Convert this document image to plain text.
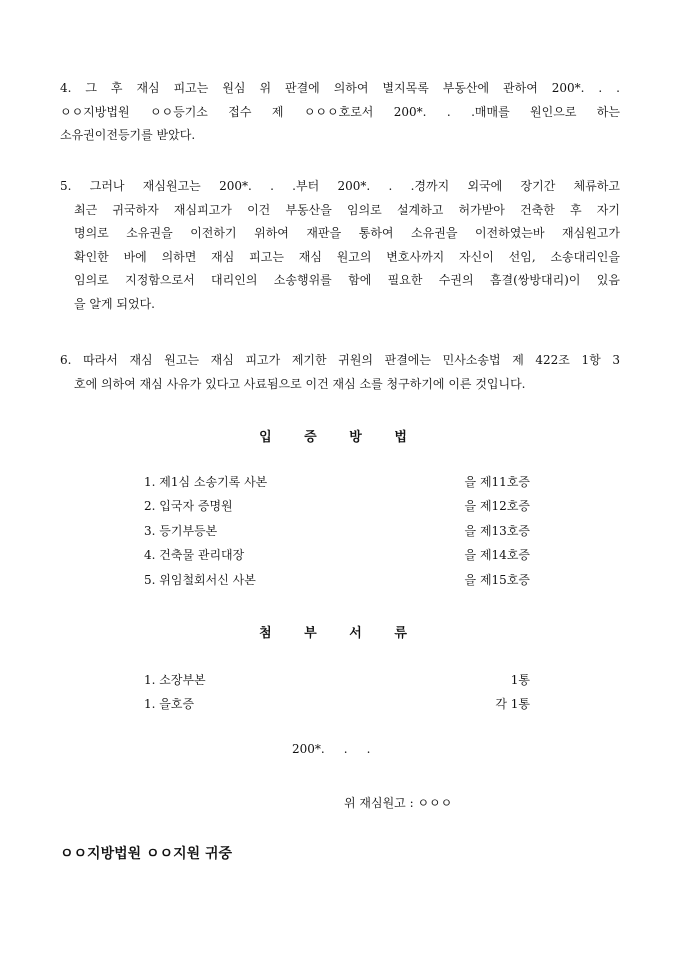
4. 그 후 재심 피고는 원심 위 판결에 의하여 별지목록 부동산에 관하여 200*. . .
ㅇㅇ지방법원 ㅇㅇ등기소 접수 제 ㅇㅇㅇ호로서 200*. . .매매를 원인으로 하는
소유권이전등기를 받았다.
5. 그러나 재심원고는 200*. . .부터 200*. . .경까지 외국에 장기간 체류하고
최근 귀국하자 재심피고가 이건 부동산을 임의로 설계하고 허가받아 건축한 후 자기
명의로 소유권을 이전하기 위하여 재판을 통하여 소유권을 이전하였는바 재심원고가
확인한 바에 의하면 재심 피고는 재심 원고의 변호사까지 자신이 선임, 소송대리인을
임의로 지정함으로서 대리인의 소송행위를 함에 필요한 수권의 흠결(쌍방대리)이 있음
을 알게 되었다.
6. 따라서 재심 원고는 재심 피고가 제기한 귀원의 판결에는 민사소송법 제 422조 1항 3
호에 의하여 재심 사유가 있다고 사료됨으로 이건 재심 소를 청구하기에 이른 것입니다.
입 증 방 법
1. 제1심 소송기록 사본	을 제11호증
2. 입국자 증명원	을 제12호증
3. 등기부등본	을 제13호증
4. 건축물 관리대장	을 제14호증
5. 위임철회서신 사본	을 제15호증
첨 부 서 류
1. 소장부본	1통
1. 을호증	각 1통
200*.     .     .
위 재심원고 : ㅇㅇㅇ
ㅇㅇ지방법원 ㅇㅇ지원 귀중
